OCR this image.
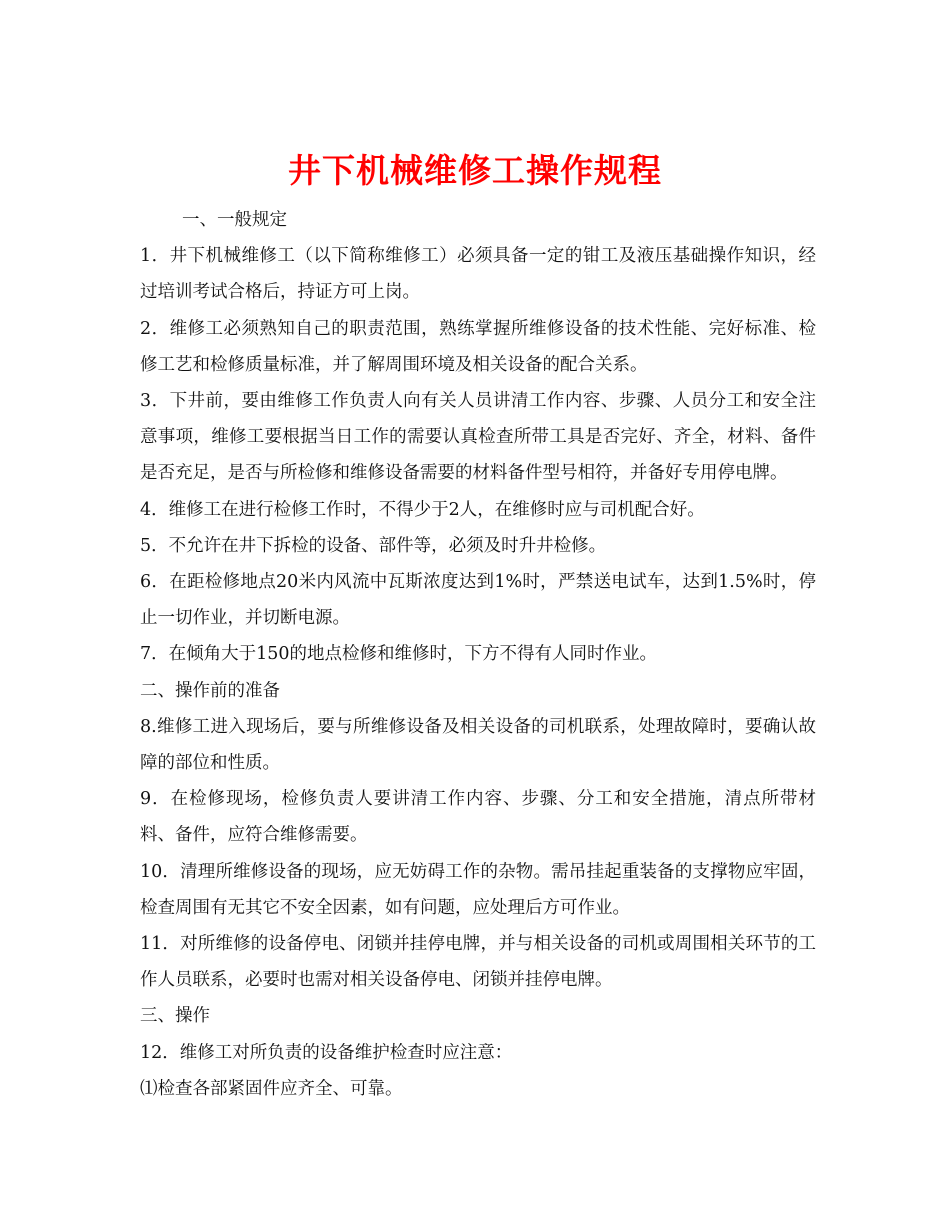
井下机械维修工操作规程

一、一般规定

1．井下机械维修工（以下简称维修工）必须具备一定的钳工及液压基础操作知识，经过培训考试合格后，持证方可上岗。

2．维修工必须熟知自己的职责范围，熟练掌握所维修设备的技术性能、完好标准、检修工艺和检修质量标准，并了解周围环境及相关设备的配合关系。

3．下井前，要由维修工作负责人向有关人员讲清工作内容、步骤、人员分工和安全注意事项，维修工要根据当日工作的需要认真检查所带工具是否完好、齐全，材料、备件是否充足，是否与所检修和维修设备需要的材料备件型号相符，并备好专用停电牌。

4．维修工在进行检修工作时，不得少于2人，在维修时应与司机配合好。

5．不允许在井下拆检的设备、部件等，必须及时升井检修。

6．在距检修地点20米内风流中瓦斯浓度达到1%时，严禁送电试车，达到1.5%时，停止一切作业，并切断电源。

7．在倾角大于150的地点检修和维修时，下方不得有人同时作业。

二、操作前的准备

8.维修工进入现场后，要与所维修设备及相关设备的司机联系，处理故障时，要确认故障的部位和性质。

9．在检修现场，检修负责人要讲清工作内容、步骤、分工和安全措施，清点所带材料、备件，应符合维修需要。

10．清理所维修设备的现场，应无妨碍工作的杂物。需吊挂起重装备的支撑物应牢固，检查周围有无其它不安全因素，如有问题，应处理后方可作业。

11．对所维修的设备停电、闭锁并挂停电牌，并与相关设备的司机或周围相关环节的工作人员联系，必要时也需对相关设备停电、闭锁并挂停电牌。

三、操作

12．维修工对所负责的设备维护检查时应注意：

⑴检查各部紧固件应齐全、可靠。
